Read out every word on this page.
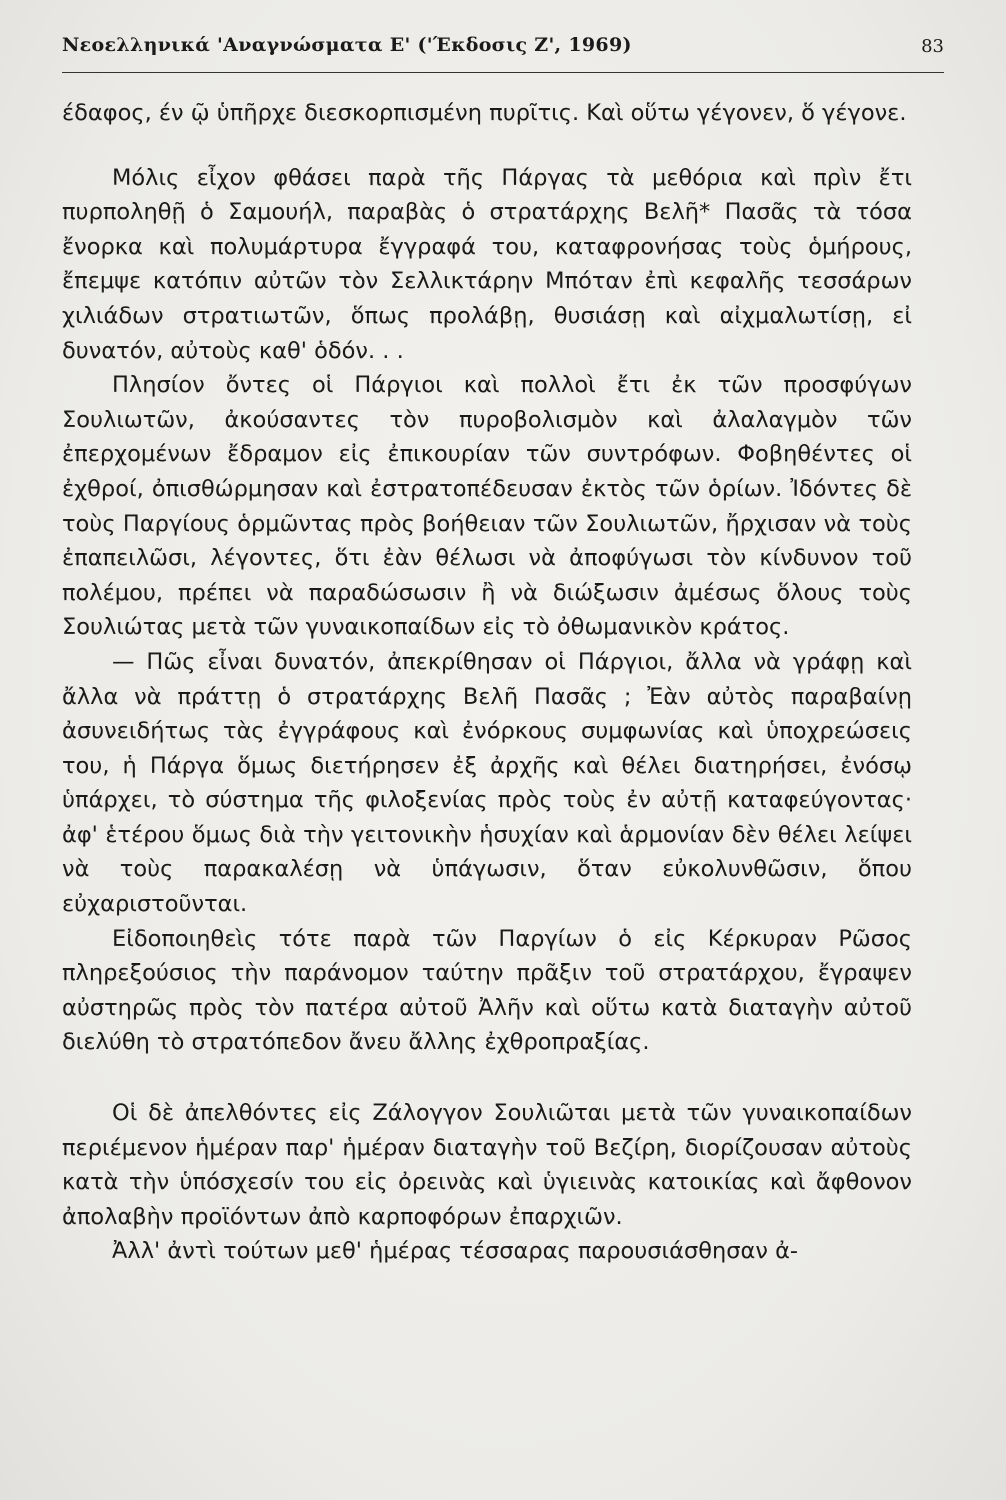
Νεοελληνικά 'Αναγνώσματα Ε' ('Έκδοσις Ζ', 1969)	83

έδαφος, έν ῷ ὑπῆρχε διεσκορπισμένη πυρῖτις. Καὶ οὕτω γέγονεν, ὅ γέγονε.

Μόλις εἶχον φθάσει παρὰ τῆς Πάργας τὰ μεθόρια καὶ πρὶν ἔτι πυρποληθῇ ὁ Σαμουήλ, παραβὰς ὁ στρατάρχης Βελῆ* Πασᾶς τὰ τόσα ἔνορκα καὶ πολυμάρτυρα ἔγγραφά του, καταφρονήσας τοὺς ὁμήρους, ἔπεμψε κατόπιν αὐτῶν τὸν Σελλικτάρην Μπόταν ἐπὶ κεφαλῆς τεσσάρων χιλιάδων στρατιωτῶν, ὅπως προλάβῃ, θυσιάσῃ καὶ αἰχμαλωτίσῃ, εἰ δυνατόν, αὐτοὺς καθ' ὁδόν. . .

Πλησίον ὄντες οἱ Πάργιοι καὶ πολλοὶ ἔτι ἐκ τῶν προσφύγων Σουλιωτῶν, ἀκούσαντες τὸν πυροβολισμὸν καὶ ἀλαλαγμὸν τῶν ἐπερχομένων ἔδραμον εἰς ἐπικουρίαν τῶν συντρόφων. Φοβηθέντες οἱ ἐχθροί, ὀπισθώρμησαν καὶ ἐστρατοπέδευσαν ἐκτὸς τῶν ὁρίων. Ἰδόντες δὲ τοὺς Παργίους ὁρμῶντας πρὸς βοήθειαν τῶν Σουλιωτῶν, ἤρχισαν νὰ τοὺς ἐπαπειλῶσι, λέγοντες, ὅτι ἐὰν θέλωσι νὰ ἀποφύγωσι τὸν κίνδυνον τοῦ πολέμου, πρέπει νὰ παραδώσωσιν ἢ νὰ διώξωσιν ἀμέσως ὅλους τοὺς Σουλιώτας μετὰ τῶν γυναικοπαίδων εἰς τὸ ὀθωμανικὸν κράτος.

— Πῶς εἶναι δυνατόν, ἀπεκρίθησαν οἱ Πάργιοι, ἄλλα νὰ γράφῃ καὶ ἄλλα νὰ πράττῃ ὁ στρατάρχης Βελῆ Πασᾶς ; Ἐὰν αὐτὸς παραβαίνῃ ἀσυνειδήτως τὰς ἐγγράφους καὶ ἐνόρκους συμφωνίας καὶ ὑποχρεώσεις του, ἡ Πάργα ὅμως διετήρησεν ἐξ ἀρχῆς καὶ θέλει διατηρήσει, ἐνόσῳ ὑπάρχει, τὸ σύστημα τῆς φιλοξενίας πρὸς τοὺς ἐν αὐτῇ καταφεύγοντας· ἀφ' ἑτέρου ὅμως διὰ τὴν γειτονικὴν ἡσυχίαν καὶ ἁρμονίαν δὲν θέλει λείψει νὰ τοὺς παρακαλέσῃ νὰ ὑπάγωσιν, ὅταν εὐκολυνθῶσιν, ὅπου εὐχαριστοῦνται.

Εἰδοποιηθεὶς τότε παρὰ τῶν Παργίων ὁ εἰς Κέρκυραν Ρῶσος πληρεξούσιος τὴν παράνομον ταύτην πρᾶξιν τοῦ στρατάρχου, ἔγραψεν αὐστηρῶς πρὸς τὸν πατέρα αὐτοῦ Ἀλῆν καὶ οὕτω κατὰ διαταγὴν αὐτοῦ διελύθη τὸ στρατόπεδον ἄνευ ἄλλης ἐχθροπραξίας.

Οἱ δὲ ἀπελθόντες εἰς Ζάλογγον Σουλιῶται μετὰ τῶν γυναικοπαίδων περιέμενον ἡμέραν παρ' ἡμέραν διαταγὴν τοῦ Βεζίρη, διορίζουσαν αὐτοὺς κατὰ τὴν ὑπόσχεσίν του εἰς ὀρεινὰς καὶ ὑγιεινὰς κατοικίας καὶ ἄφθονον ἀπολαβὴν προϊόντων ἀπὸ καρποφόρων ἐπαρχιῶν.

Ἀλλ' ἀντὶ τούτων μεθ' ἡμέρας τέσσαρας παρουσιάσθησαν ἀ-
